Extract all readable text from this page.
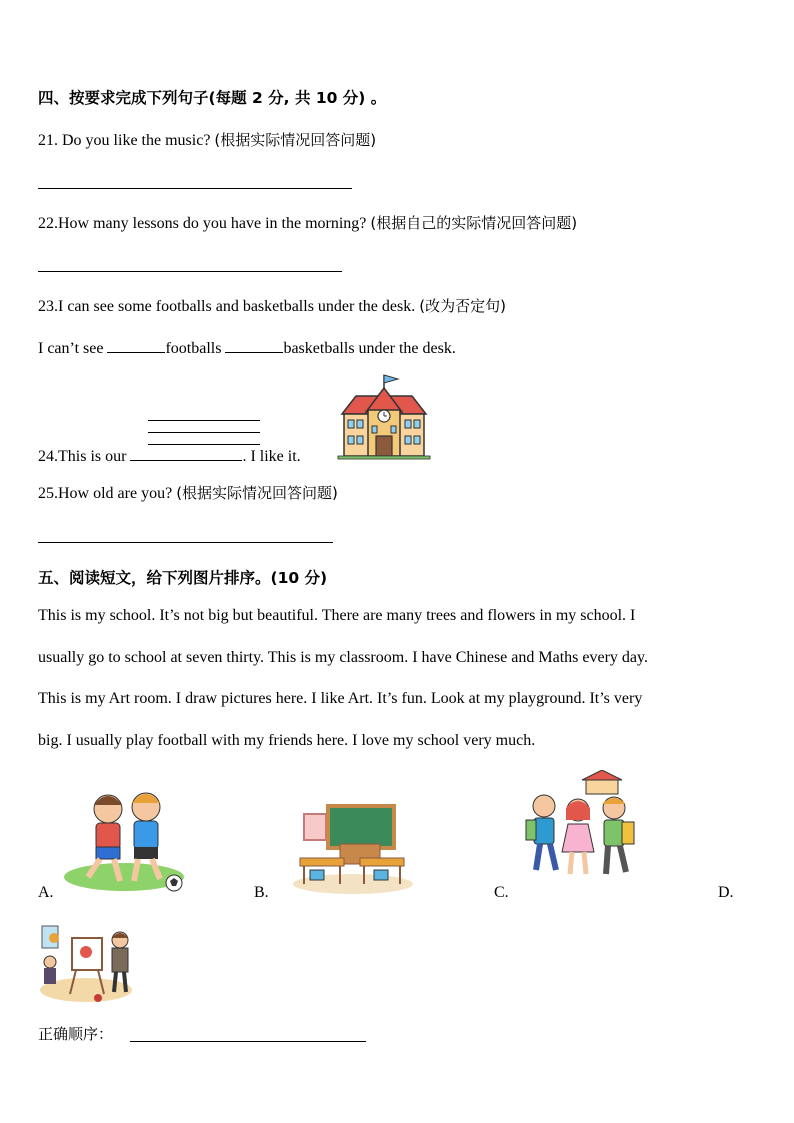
四、按要求完成下列句子(每题 2 分, 共 10 分) 。
21. Do you like the music? (根据实际情况回答问题)
22.How many lessons do you have in the morning? (根据自己的实际情况回答问题)
23.I can see some footballs and basketballs under the desk. (改为否定句)
I can’t see	footballs	basketballs under the desk.
24.This is our	. I like it.
25.How old are you? (根据实际情况回答问题)
五、阅读短文，给下列图片排序。(10 分)
This is my school. It’s not big but beautiful. There are many trees and flowers in my school. I
usually go to school at seven thirty. This is my classroom. I have Chinese and Maths every day.
This is my Art room. I draw pictures here. I like Art. It’s fun. Look at my playground. It’s very
big. I usually play football with my friends here. I love my school very much.
A.	B.	C.	D.
正确顺序：
